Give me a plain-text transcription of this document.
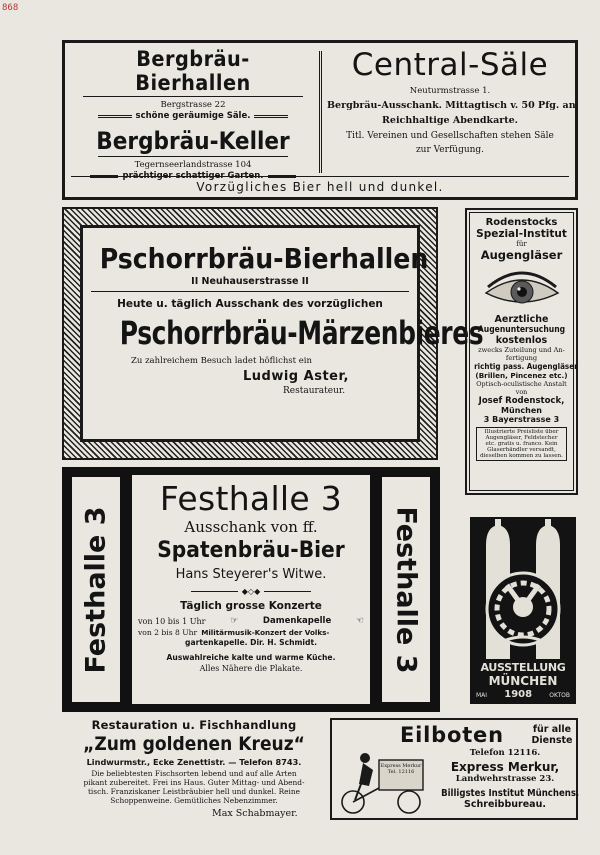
868
Bergbräu-Bierhallen
Bergstrasse 22
schöne geräumige Säle.
Bergbräu-Keller
Tegernseerlandstrasse 104
prächtiger schattiger Garten.
Central-Säle
Neuturmstrasse 1.
Bergbräu-Ausschank. Mittagtisch v. 50 Pfg. an
Reichhaltige Abendkarte.
Titl. Vereinen und Gesellschaften stehen Säle
zur Verfügung.
Vorzügliches Bier hell und dunkel.
Pschorrbräu-Bierhallen
II Neuhauserstrasse II
Heute u. täglich Ausschank des vorzüglichen
Pschorrbräu-Märzenbieres
Zu zahlreichem Besuch ladet höflichst ein
Ludwig Aster,
Restaurateur.
Rodenstocks
Spezial-Institut
für
Augengläser
Aerztliche
Augenuntersuchung
kostenlos
zwecks Zuteilung und An-
fertigung
richtig pass. Augengläser
(Brillen, Pincenez etc.)
Optisch-oculistische Anstalt
von
Josef Rodenstock,
München
3 Bayerstrasse 3
Illustrierte Preisliste über
Augengläser, Feldstecher
etc. gratis u. franco. Kein
Glaserhändler versandt,
dieselben kommen zu lassen.
Festhalle 3	Festhalle 3
Festhalle 3
Ausschank von ff.
Spatenbräu-Bier
Hans Steyerer's Witwe.
◆◇◆
Täglich grosse Konzerte
von 10 bis 1 Uhr	☞	Damenkapelle	☜
von 2 bis 8 Uhr Militärmusik-Konzert der Volks-
gartenkapelle. Dir. H. Schmidt.
Auswahlreiche kalte und warme Küche.
Alles Nähere die Plakate.	AUSSTELLUNG
MÜNCHEN
MAI 1908	OKTOB
Restauration u. Fischhandlung
„Zum goldenen Kreuz“
Lindwurmstr., Ecke Zenettistr. — Telefon 8743.
Die beliebtesten Fischsorten lebend und auf alle Arten
pikant zubereitet. Frei ins Haus. Guter Mittag- und Abend-
tisch. Franziskaner Leistbräubier hell und dunkel. Reine
Schoppenweine. Gemütliches Nebenzimmer.
Max Schabmayer.
Eilboten	für alle
Dienste
Express Merkur
Tel. 12116
Telefon 12116.
Express Merkur,
Landwehrstrasse 23.
Billigstes Institut Münchens.
Schreibbureau.
